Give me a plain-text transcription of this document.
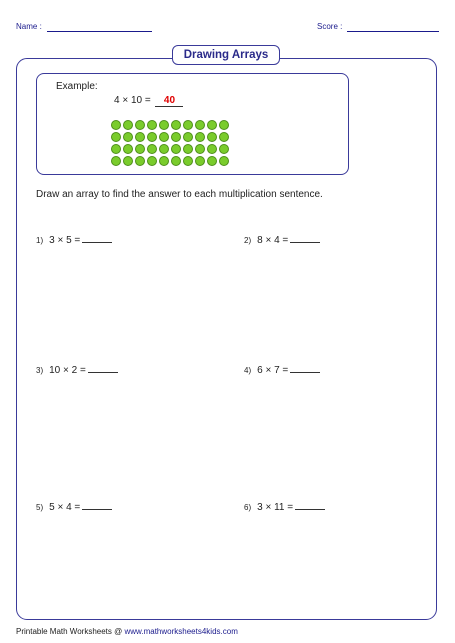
Name :	Score :
Drawing Arrays
Example:
4 × 10 = 40
Draw an array to find the answer to each multiplication sentence.
1) 3 × 5 =	2) 8 × 4 =
3) 10 × 2 =	4) 6 × 7 =
5) 5 × 4 =	6) 3 × 11 =
Printable Math Worksheets @ www.mathworksheets4kids.com
